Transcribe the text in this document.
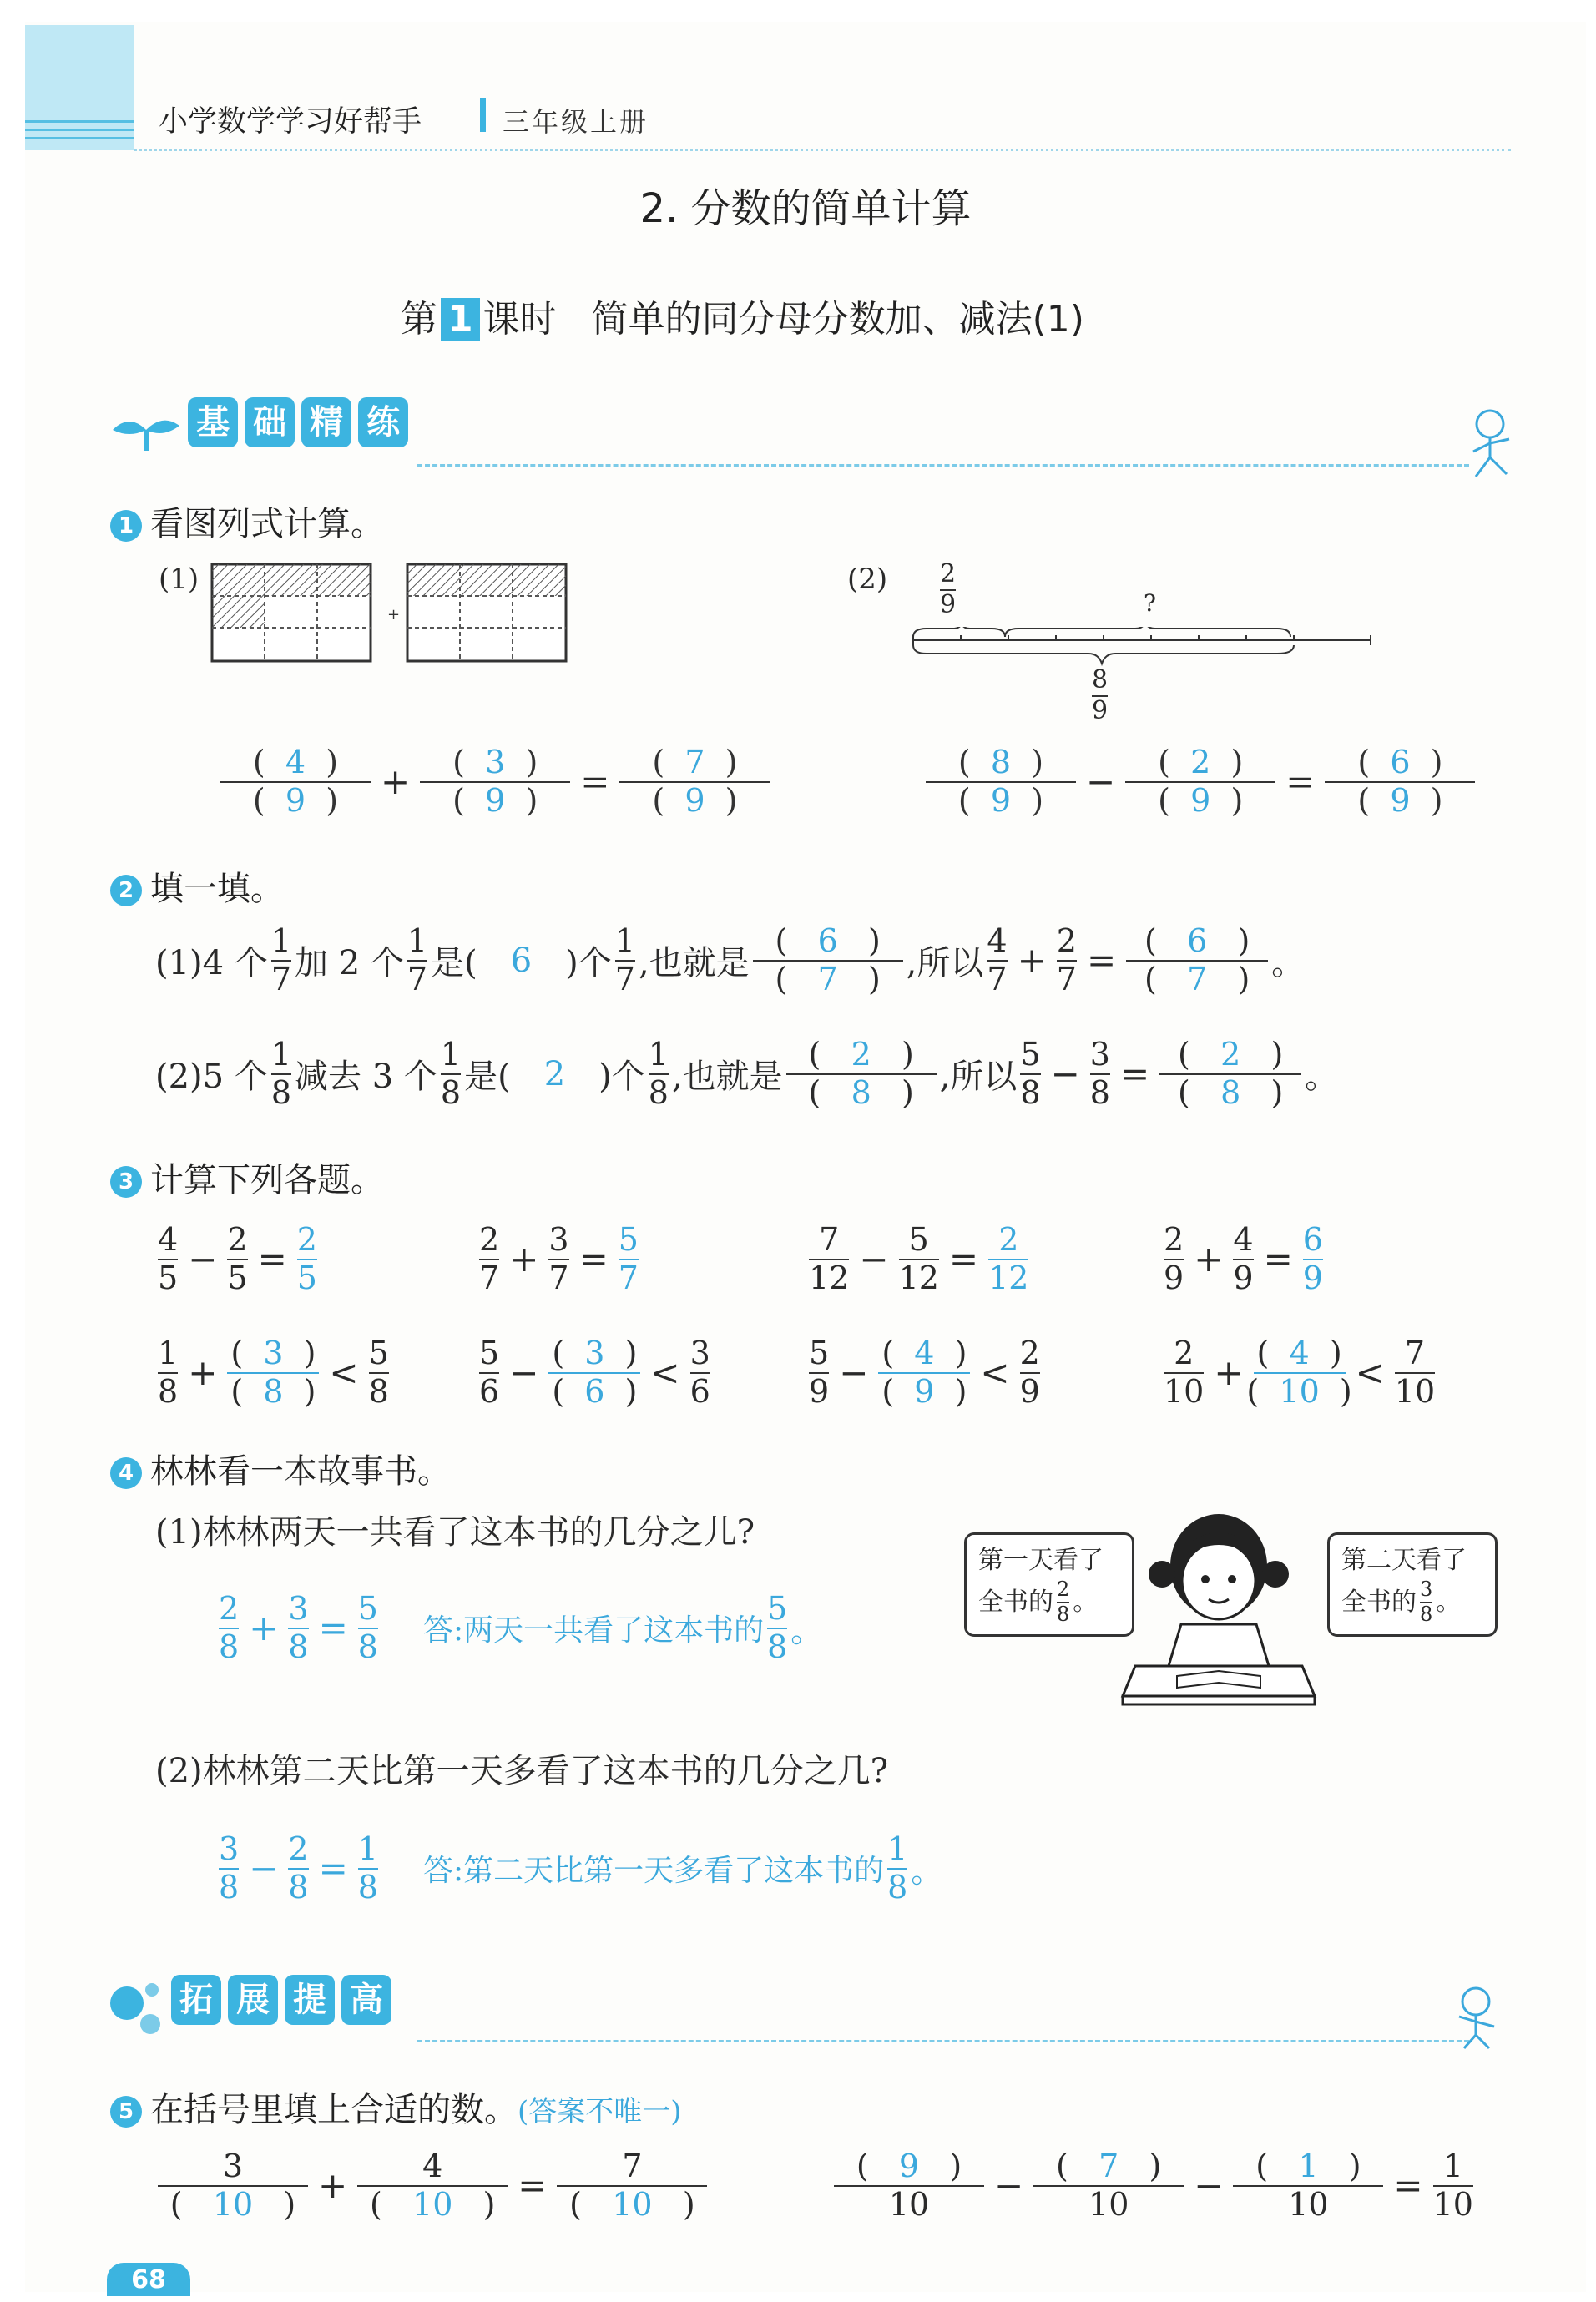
小学数学学习好帮手	三年级上册
2. 分数的简单计算
第 1 课时 简单的同分母分数加、减法(1)
基 础 精 练
1 看图列式计算。
(1)
+
$(2) \frac{2}{9}$	?
$\frac{8}{9}$
$\frac{( 4 )}{( 9 )} + \frac{( 3 )}{( 9 )} = \frac{( 7 )}{( 9 )}$	$\frac{( 8 )}{( 9 )} - \frac{( 2 )}{( 9 )} = \frac{( 6 )}{( 9 )}$
2 填一填。
(1)4 个 $\frac{1}{7}$ 加 2 个 $\frac{1}{7}$ 是( 6 )个 $\frac{1}{7}$ ,也就是 $\frac{( 6 )}{( 7 )}$ ,所以 $\frac{4}{7} + \frac{2}{7} = \frac{( 6 )}{( 7 )}$ 。
(2)5 个 $\frac{1}{8}$ 减去 3 个 $\frac{1}{8}$ 是( 2 )个 $\frac{1}{8}$ ,也就是 $\frac{( 2 )}{( 8 )}$ ,所以 $\frac{5}{8} - \frac{3}{8} = \frac{( 2 )}{( 8 )}$ 。
3 计算下列各题。
$\frac{4}{5} - \frac{2}{5} = \frac{2}{5}$	$\frac{2}{7} + \frac{3}{7} = \frac{5}{7}$	$\frac{7}{12} - \frac{5}{12} = \frac{2}{12}$	$\frac{2}{9} + \frac{4}{9} = \frac{6}{9}$
$\frac{1}{8} + \frac{( 3 )}{( 8 )} < \frac{5}{8}$	$\frac{5}{6} - \frac{( 3 )}{( 6 )} < \frac{3}{6}$	$\frac{5}{9} - \frac{( 4 )}{( 9 )} < \frac{2}{9}$	$\frac{2}{10} + \frac{( 4 )}{( 10 )} < \frac{7}{10}$
4 林林看一本故事书。
(1)林林两天一共看了这本书的几分之儿?
$\frac{2}{8} + \frac{3}{8} = \frac{5}{8}$ 答:两天一共看了这本书的 $\frac{5}{8}$ 。
第一天看了
全书的 $\frac{2}{8}$ 。
第二天看了
全书的 $\frac{3}{8}$ 。
(2)林林第二天比第一天多看了这本书的几分之几?
$\frac{3}{8} - \frac{2}{8} = \frac{1}{8}$ 答:第二天比第一天多看了这本书的 $\frac{1}{8}$ 。
拓 展 提 高
5 在括号里填上合适的数。(答案不唯一)
$\frac{3}{( 10 )} + \frac{4}{( 10 )} = \frac{7}{( 10 )}$	$\frac{( 9 )}{10} - \frac{( 7 )}{10} - \frac{( 1 )}{10} = \frac{1}{10}$
68
